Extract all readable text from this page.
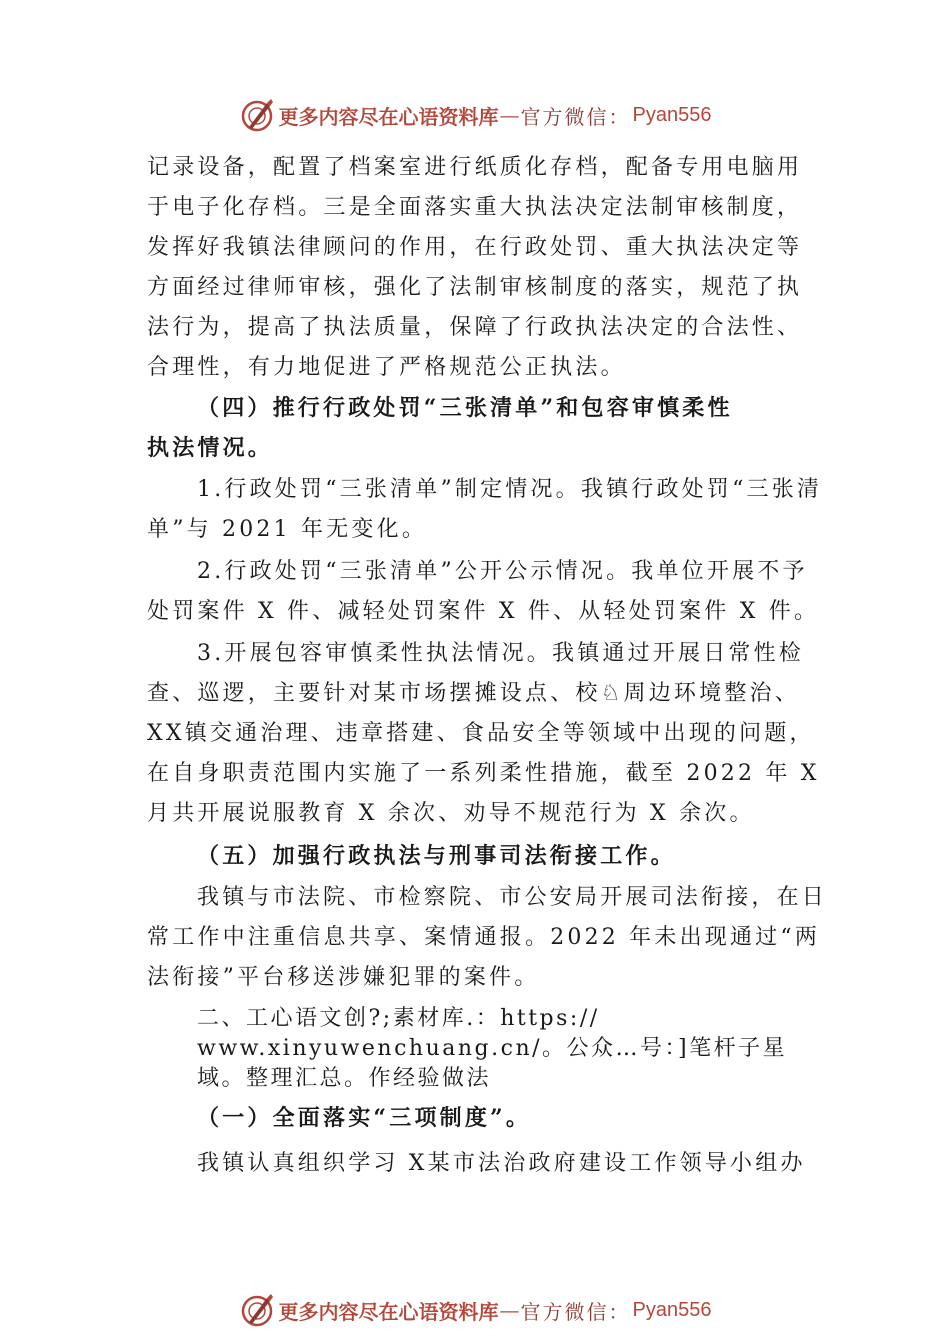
更多内容尽在心语资料库 — 官方微信： Pyan556

记录设备，配置了档案室进行纸质化存档，配备专用电脑用于电子化存档。三是全面落实重大执法决定法制审核制度， 发挥好我镇法律顾问的作用，在行政处罚、重大执法决定等方面经过律师审核，强化了法制审核制度的落实，规范了执法行为，提高了执法质量，保障了行政执法决定的合法性、 合理性，有力地促进了严格规范公正执法。

（四）推行行政处罚“三张清单”和包容审慎柔性

执法情况。

1.行政处罚“三张清单”制定情况。我镇行政处罚“三张清单”与 2021 年无变化。

2.行政处罚“三张清单”公开公示情况。我单位开展不予处罚案件 X 件、减轻处罚案件 X 件、从轻处罚案件 X 件。

3.开展包容审慎柔性执法情况。我镇通过开展日常性检查、巡逻，主要针对某市场摆摊设点、校♘周边环境整治、XX镇交通治理、违章搭建、食品安全等领域中出现的问题， 在自身职责范围内实施了一系列柔性措施，截至 2022 年 X月共开展说服教育 X 余次、劝导不规范行为 X 余次。

（五）加强行政执法与刑事司法衔接工作。

我镇与市法院、市检察院、市公安局开展司法衔接，在日常工作中注重信息共享、案情通报。2022 年未出现通过“两法衔接”平台移送涉嫌犯罪的案件。

二、工心语文创?;素材库.：https://

www.xinyuwenchuang.cn/。公众…号：]笔杆子星域。整理汇总。作经验做法

（一）全面落实“三项制度”。

我镇认真组织学习 X某市法治政府建设工作领导小组办

更多内容尽在心语资料库 — 官方微信： Pyan556
